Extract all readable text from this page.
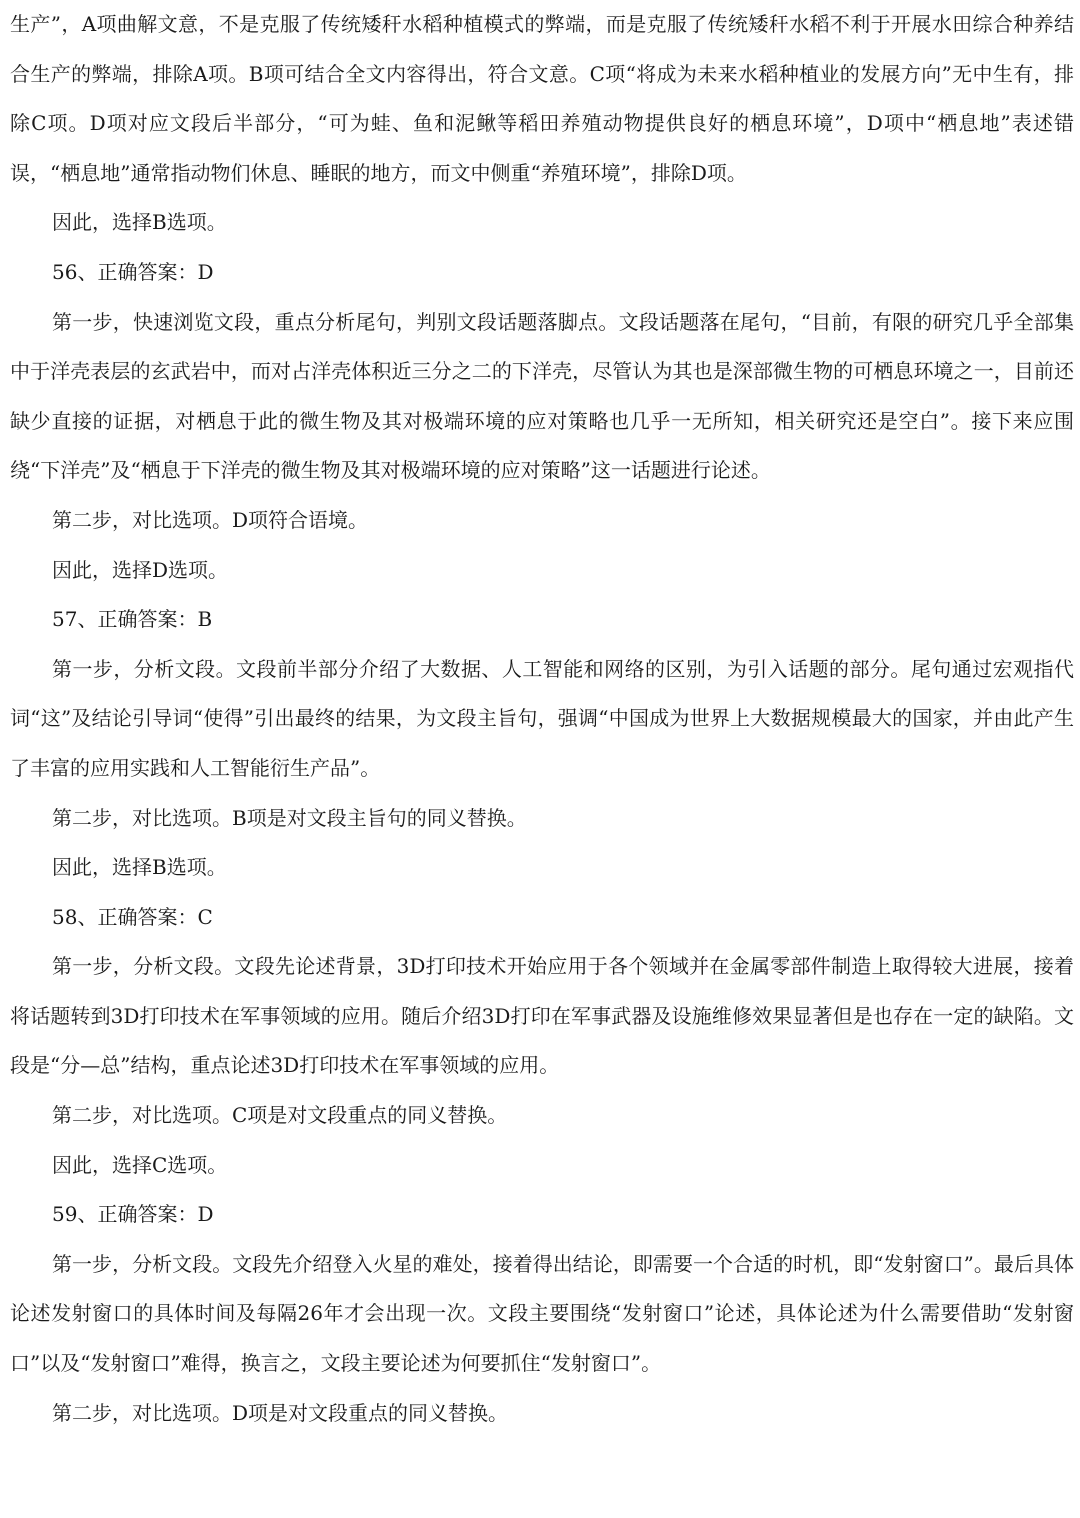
生产”，A项曲解文意，不是克服了传统矮秆水稻种植模式的弊端，而是克服了传统矮秆水稻不利于开展水田综合种养结合生产的弊端，排除A项。B项可结合全文内容得出，符合文意。C项“将成为未来水稻种植业的发展方向”无中生有，排除C项。D项对应文段后半部分，“可为蛙、鱼和泥鳅等稻田养殖动物提供良好的栖息环境”，D项中“栖息地”表述错误，“栖息地”通常指动物们休息、睡眠的地方，而文中侧重“养殖环境”，排除D项。

因此，选择B选项。

56、正确答案：D

第一步，快速浏览文段，重点分析尾句，判别文段话题落脚点。文段话题落在尾句，“目前，有限的研究几乎全部集中于洋壳表层的玄武岩中，而对占洋壳体积近三分之二的下洋壳，尽管认为其也是深部微生物的可栖息环境之一，目前还缺少直接的证据，对栖息于此的微生物及其对极端环境的应对策略也几乎一无所知，相关研究还是空白”。接下来应围绕“下洋壳”及“栖息于下洋壳的微生物及其对极端环境的应对策略”这一话题进行论述。

第二步，对比选项。D项符合语境。

因此，选择D选项。

57、正确答案：B

第一步，分析文段。文段前半部分介绍了大数据、人工智能和网络的区别，为引入话题的部分。尾句通过宏观指代词“这”及结论引导词“使得”引出最终的结果，为文段主旨句，强调“中国成为世界上大数据规模最大的国家，并由此产生了丰富的应用实践和人工智能衍生产品”。

第二步，对比选项。B项是对文段主旨句的同义替换。

因此，选择B选项。

58、正确答案：C

第一步，分析文段。文段先论述背景，3D打印技术开始应用于各个领域并在金属零部件制造上取得较大进展，接着将话题转到3D打印技术在军事领域的应用。随后介绍3D打印在军事武器及设施维修效果显著但是也存在一定的缺陷。文段是“分—总”结构，重点论述3D打印技术在军事领域的应用。

第二步，对比选项。C项是对文段重点的同义替换。

因此，选择C选项。

59、正确答案：D

第一步，分析文段。文段先介绍登入火星的难处，接着得出结论，即需要一个合适的时机，即“发射窗口”。最后具体论述发射窗口的具体时间及每隔26年才会出现一次。文段主要围绕“发射窗口”论述，具体论述为什么需要借助“发射窗口”以及“发射窗口”难得，换言之，文段主要论述为何要抓住“发射窗口”。

第二步，对比选项。D项是对文段重点的同义替换。
